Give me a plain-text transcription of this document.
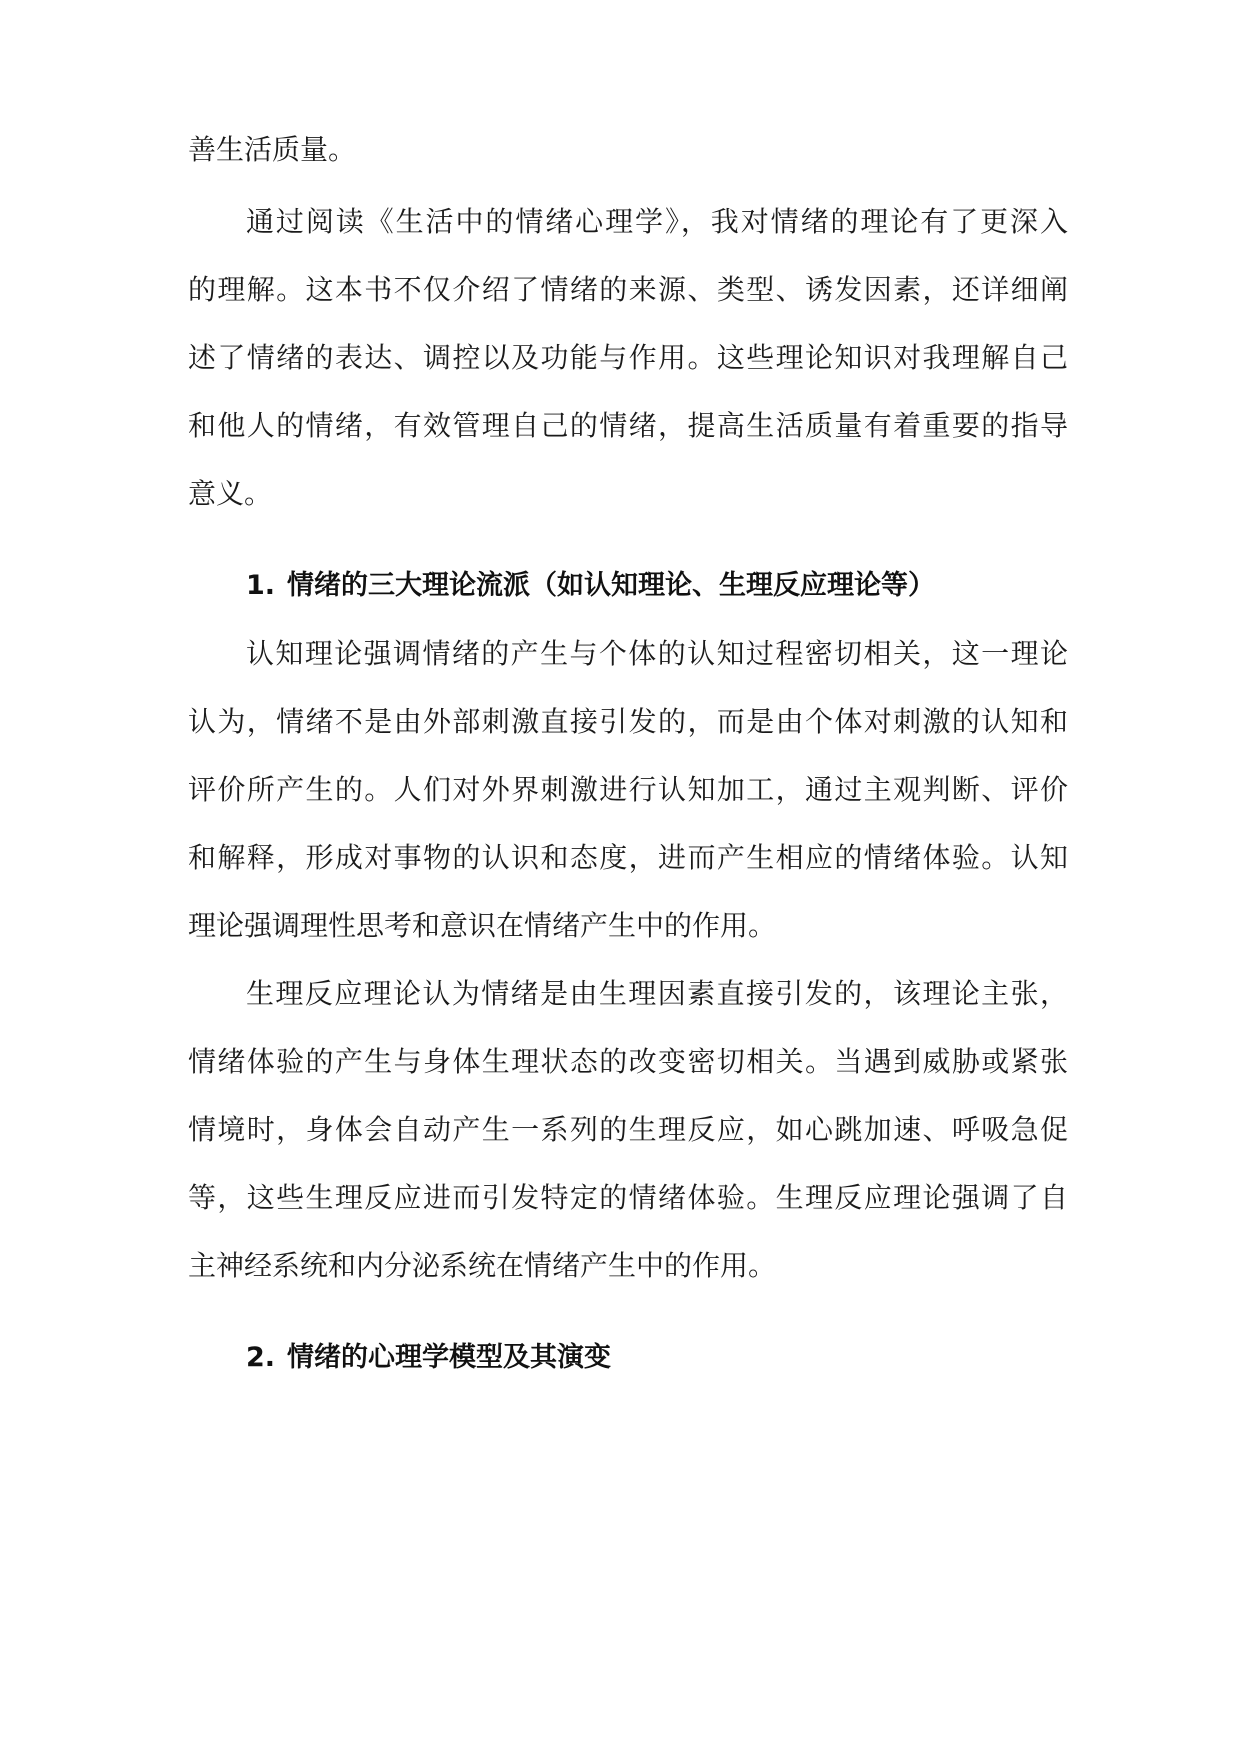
善生活质量。
通过阅读《生活中的情绪心理学》，我对情绪的理论有了更深入
的理解。这本书不仅介绍了情绪的来源、类型、诱发因素，还详细阐
述了情绪的表达、调控以及功能与作用。这些理论知识对我理解自己
和他人的情绪，有效管理自己的情绪，提高生活质量有着重要的指导
意义。
1. 情绪的三大理论流派（如认知理论、生理反应理论等）
认知理论强调情绪的产生与个体的认知过程密切相关，这一理论
认为，情绪不是由外部刺激直接引发的，而是由个体对刺激的认知和
评价所产生的。人们对外界刺激进行认知加工，通过主观判断、评价
和解释，形成对事物的认识和态度，进而产生相应的情绪体验。认知
理论强调理性思考和意识在情绪产生中的作用。
生理反应理论认为情绪是由生理因素直接引发的，该理论主张，
情绪体验的产生与身体生理状态的改变密切相关。当遇到威胁或紧张
情境时，身体会自动产生一系列的生理反应，如心跳加速、呼吸急促
等，这些生理反应进而引发特定的情绪体验。生理反应理论强调了自
主神经系统和内分泌系统在情绪产生中的作用。
2. 情绪的心理学模型及其演变
